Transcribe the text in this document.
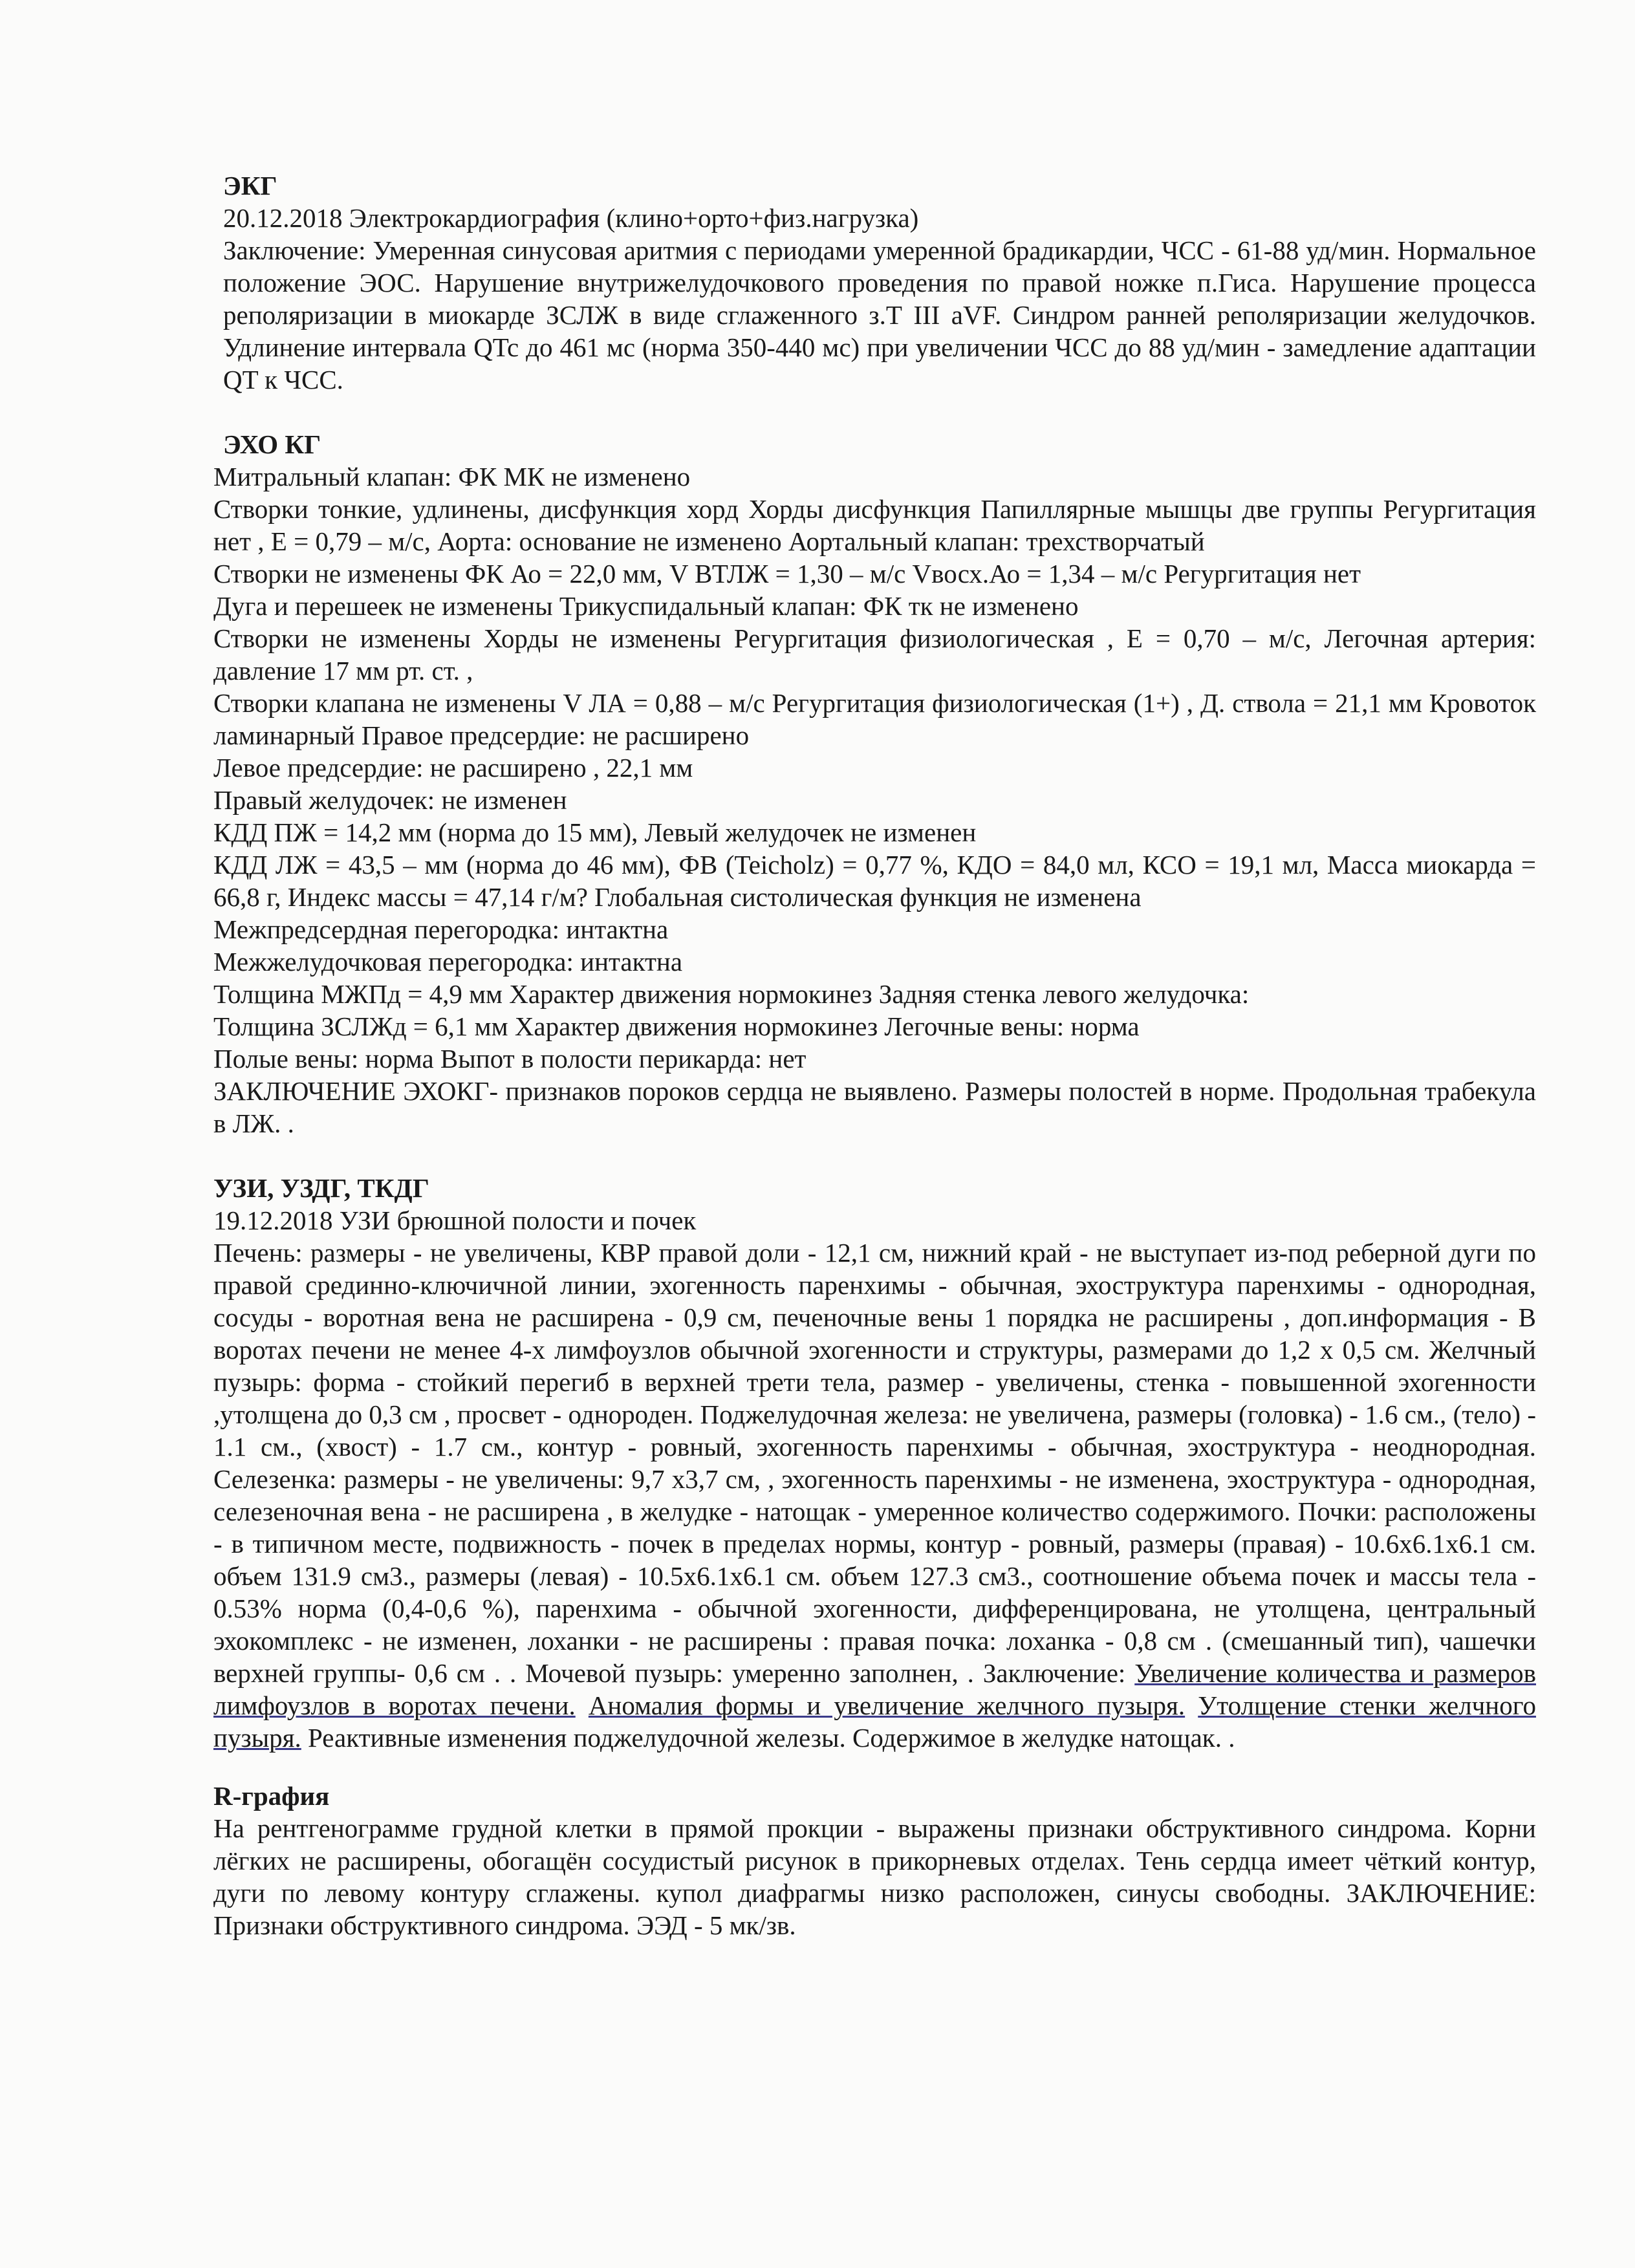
ЭКГ

20.12.2018 Электрокардиография (клино+орто+физ.нагрузка)

Заключение: Умеренная синусовая аритмия с периодами умеренной брадикардии, ЧСС - 61-88 уд/мин. Нормальное положение ЭОС. Нарушение внутрижелудочкового проведения по правой ножке п.Гиса. Нарушение процесса реполяризации в миокарде ЗСЛЖ в виде сглаженного з.Т III aVF. Синдром ранней реполяризации желудочков. Удлинение интервала QTc до 461 мс (норма 350-440 мс) при увеличении ЧСС до 88 уд/мин - замедление адаптации QT к ЧСС.

ЭХО КГ

Митральный клапан: ФК МК не изменено

Створки тонкие, удлинены, дисфункция хорд Хорды дисфункция Папиллярные мышцы две группы Регургитация нет , Е = 0,79 – м/с, Аорта: основание не изменено Аортальный клапан: трехстворчатый

Створки не изменены ФК Ао = 22,0 мм, V ВТЛЖ = 1,30 – м/с Vвосх.Ао = 1,34 – м/с Регургитация нет

Дуга и перешеек не изменены Трикуспидальный клапан: ФК тк не изменено

Створки не изменены Хорды не изменены Регургитация физиологическая , Е = 0,70 – м/с, Легочная артерия: давление 17 мм рт. ст. ,

Створки клапана не изменены V ЛА = 0,88 – м/с Регургитация физиологическая (1+) , Д. ствола = 21,1 мм Кровоток ламинарный Правое предсердие: не расширено

Левое предсердие: не расширено , 22,1 мм

Правый желудочек: не изменен

КДД ПЖ = 14,2 мм (норма до 15 мм), Левый желудочек не изменен

КДД ЛЖ = 43,5 – мм (норма до 46 мм), ФВ (Teicholz) = 0,77 %, КДО = 84,0 мл, КСО = 19,1 мл, Масса миокарда = 66,8 г, Индекс массы = 47,14 г/м? Глобальная систолическая функция не изменена

Межпредсердная перегородка: интактна

Межжелудочковая перегородка: интактна

Толщина МЖПд = 4,9 мм Характер движения нормокинез Задняя стенка левого желудочка:

Толщина ЗСЛЖд = 6,1 мм Характер движения нормокинез Легочные вены: норма

Полые вены: норма Выпот в полости перикарда: нет

ЗАКЛЮЧЕНИЕ ЭХОКГ- признаков пороков сердца не выявлено. Размеры полостей в норме. Продольная трабекула в ЛЖ. .

УЗИ, УЗДГ, ТКДГ

19.12.2018 УЗИ брюшной полости и почек

Печень: размеры - не увеличены, КВР правой доли - 12,1 см, нижний край - не выступает из-под реберной дуги по правой срединно-ключичной линии, эхогенность паренхимы - обычная, эхоструктура паренхимы - однородная, сосуды - воротная вена не расширена - 0,9 см, печеночные вены 1 порядка не расширены , доп.информация - В воротах печени не менее 4-х лимфоузлов обычной эхогенности и структуры, размерами до 1,2 х 0,5 см. Желчный пузырь: форма - стойкий перегиб в верхней трети тела, размер - увеличены, стенка - повышенной эхогенности ,утолщена до 0,3 см , просвет - однороден. Поджелудочная железа: не увеличена, размеры (головка) - 1.6 см., (тело) - 1.1 см., (хвост) - 1.7 см., контур - ровный, эхогенность паренхимы - обычная, эхоструктура - неоднородная. Селезенка: размеры - не увеличены: 9,7 х3,7 см, , эхогенность паренхимы - не изменена, эхоструктура - однородная, селезеночная вена - не расширена , в желудке - натощак - умеренное количество содержимого. Почки: расположены - в типичном месте, подвижность - почек в пределах нормы, контур - ровный, размеры (правая) - 10.6х6.1х6.1 см. объем 131.9 см3., размеры (левая) - 10.5х6.1х6.1 см. объем 127.3 см3., соотношение объема почек и массы тела - 0.53% норма (0,4-0,6 %), паренхима - обычной эхогенности, дифференцирована, не утолщена, центральный эхокомплекс - не изменен, лоханки - не расширены : правая почка: лоханка - 0,8 см . (смешанный тип), чашечки верхней группы- 0,6 см . . Мочевой пузырь: умеренно заполнен, . Заключение: Увеличение количества и размеров лимфоузлов в воротах печени. Аномалия формы и увеличение желчного пузыря. Утолщение стенки желчного пузыря. Реактивные изменения поджелудочной железы. Содержимое в желудке натощак. .

R-графия

На рентгенограмме грудной клетки в прямой прокции - выражены признаки обструктивного синдрома. Корни лёгких не расширены, обогащён сосудистый рисунок в прикорневых отделах. Тень сердца имеет чёткий контур, дуги по левому контуру сглажены. купол диафрагмы низко расположен, синусы свободны. ЗАКЛЮЧЕНИЕ: Признаки обструктивного синдрома. ЭЭД - 5 мк/зв.
